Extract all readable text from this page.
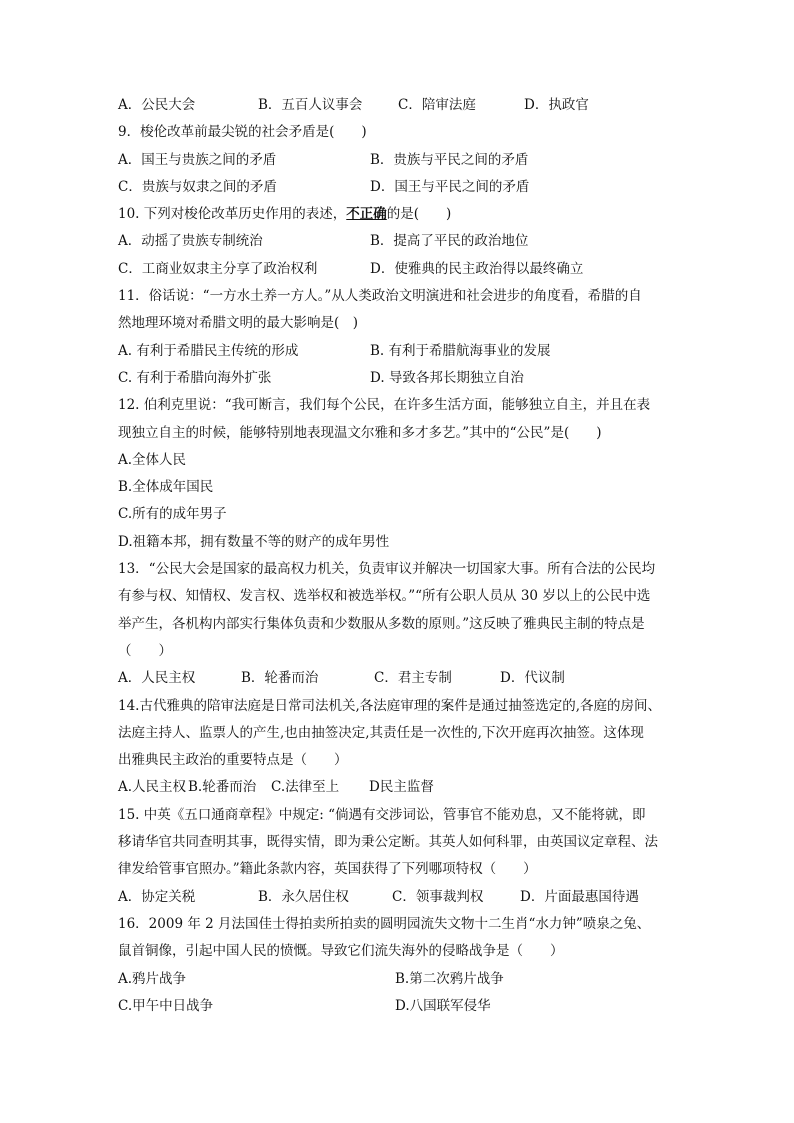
A．公民大会	B．五百人议事会	C．陪审法庭	D．执政官
9．梭伦改革前最尖锐的社会矛盾是(　　)
A．国王与贵族之间的矛盾	B．贵族与平民之间的矛盾
C．贵族与奴隶之间的矛盾	D．国王与平民之间的矛盾
10. 下列对梭伦改革历史作用的表述，不正确的是(　　)
A．动摇了贵族专制统治	B．提高了平民的政治地位
C．工商业奴隶主分享了政治权利	D．使雅典的民主政治得以最终确立
11．俗话说：“一方水土养一方人。”从人类政治文明演进和社会进步的角度看，希腊的自
然地理环境对希腊文明的最大影响是(　)
A. 有利于希腊民主传统的形成	B. 有利于希腊航海事业的发展
C. 有利于希腊向海外扩张	D. 导致各邦长期独立自治
12. 伯利克里说：“我可断言，我们每个公民，在许多生活方面，能够独立自主，并且在表
现独立自主的时候，能够特别地表现温文尔雅和多才多艺。”其中的“公民”是(　　)
A.全体人民
B.全体成年国民
C.所有的成年男子
D.祖籍本邦，拥有数量不等的财产的成年男性
13．“公民大会是国家的最高权力机关，负责审议并解决一切国家大事。所有合法的公民均
有参与权、知情权、发言权、选举权和被选举权。”“所有公职人员从 30 岁以上的公民中选
举产生，各机构内部实行集体负责和少数服从多数的原则。”这反映了雅典民主制的特点是
（　　）
A．人民主权	B．轮番而治	C．君主专制	D．代议制
14.古代雅典的陪审法庭是日常司法机关,各法庭审理的案件是通过抽签选定的,各庭的房间、
法庭主持人、监票人的产生,也由抽签决定,其责任是一次性的,下次开庭再次抽签。这体现
出雅典民主政治的重要特点是（　　）
A.人民主权 B.轮番而治	C.法律至上	D民主监督
15. 中英《五口通商章程》中规定: “倘遇有交涉词讼，管事官不能劝息，又不能将就，即
移请华官共同查明其事，既得实情，即为秉公定断。其英人如何科罪，由英国议定章程、法
律发给管事官照办。”籍此条款内容，英国获得了下列哪项特权（　　）
A．协定关税	B．永久居住权	C．领事裁判权	D．片面最惠国待遇
16．2009 年 2 月法国佳士得拍卖所拍卖的圆明园流失文物十二生肖“水力钟”喷泉之兔、
鼠首铜像，引起中国人民的愤慨。导致它们流失海外的侵略战争是（　　）
A.鸦片战争	B.第二次鸦片战争
C.甲午中日战争	D.八国联军侵华
